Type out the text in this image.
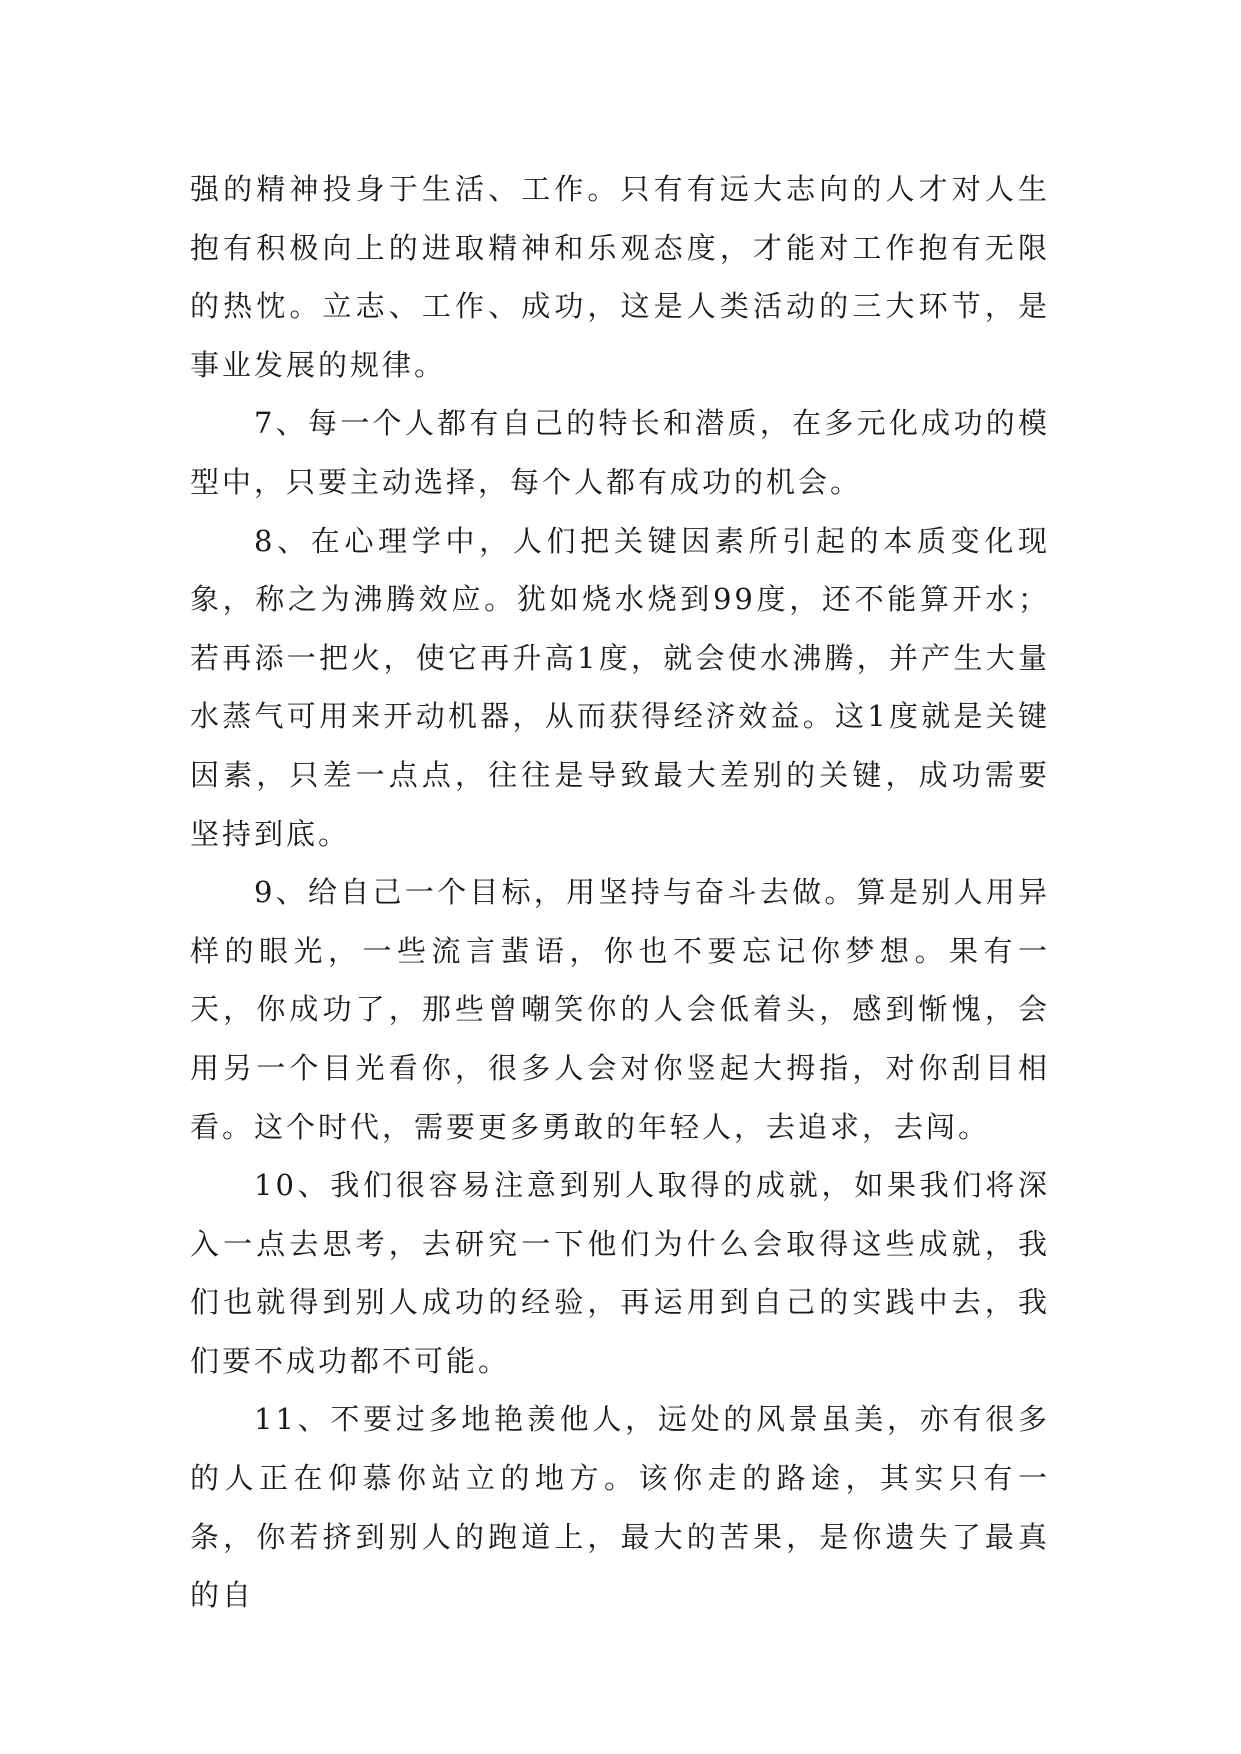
强的精神投身于生活、工作。只有有远大志向的人才对人生抱有积极向上的进取精神和乐观态度，才能对工作抱有无限的热忱。立志、工作、成功，这是人类活动的三大环节，是事业发展的规律。

7、每一个人都有自己的特长和潜质，在多元化成功的模型中，只要主动选择，每个人都有成功的机会。

8、在心理学中，人们把关键因素所引起的本质变化现象，称之为沸腾效应。犹如烧水烧到99度，还不能算开水；若再添一把火，使它再升高1度，就会使水沸腾，并产生大量水蒸气可用来开动机器，从而获得经济效益。这1度就是关键因素，只差一点点，往往是导致最大差别的关键，成功需要坚持到底。

9、给自己一个目标，用坚持与奋斗去做。算是别人用异样的眼光，一些流言蜚语，你也不要忘记你梦想。果有一天，你成功了，那些曾嘲笑你的人会低着头，感到惭愧，会用另一个目光看你，很多人会对你竖起大拇指，对你刮目相看。这个时代，需要更多勇敢的年轻人，去追求，去闯。

10、我们很容易注意到别人取得的成就，如果我们将深入一点去思考，去研究一下他们为什么会取得这些成就，我们也就得到别人成功的经验，再运用到自己的实践中去，我们要不成功都不可能。

11、不要过多地艳羡他人，远处的风景虽美，亦有很多的人正在仰慕你站立的地方。该你走的路途，其实只有一条，你若挤到别人的跑道上，最大的苦果，是你遗失了最真的自
